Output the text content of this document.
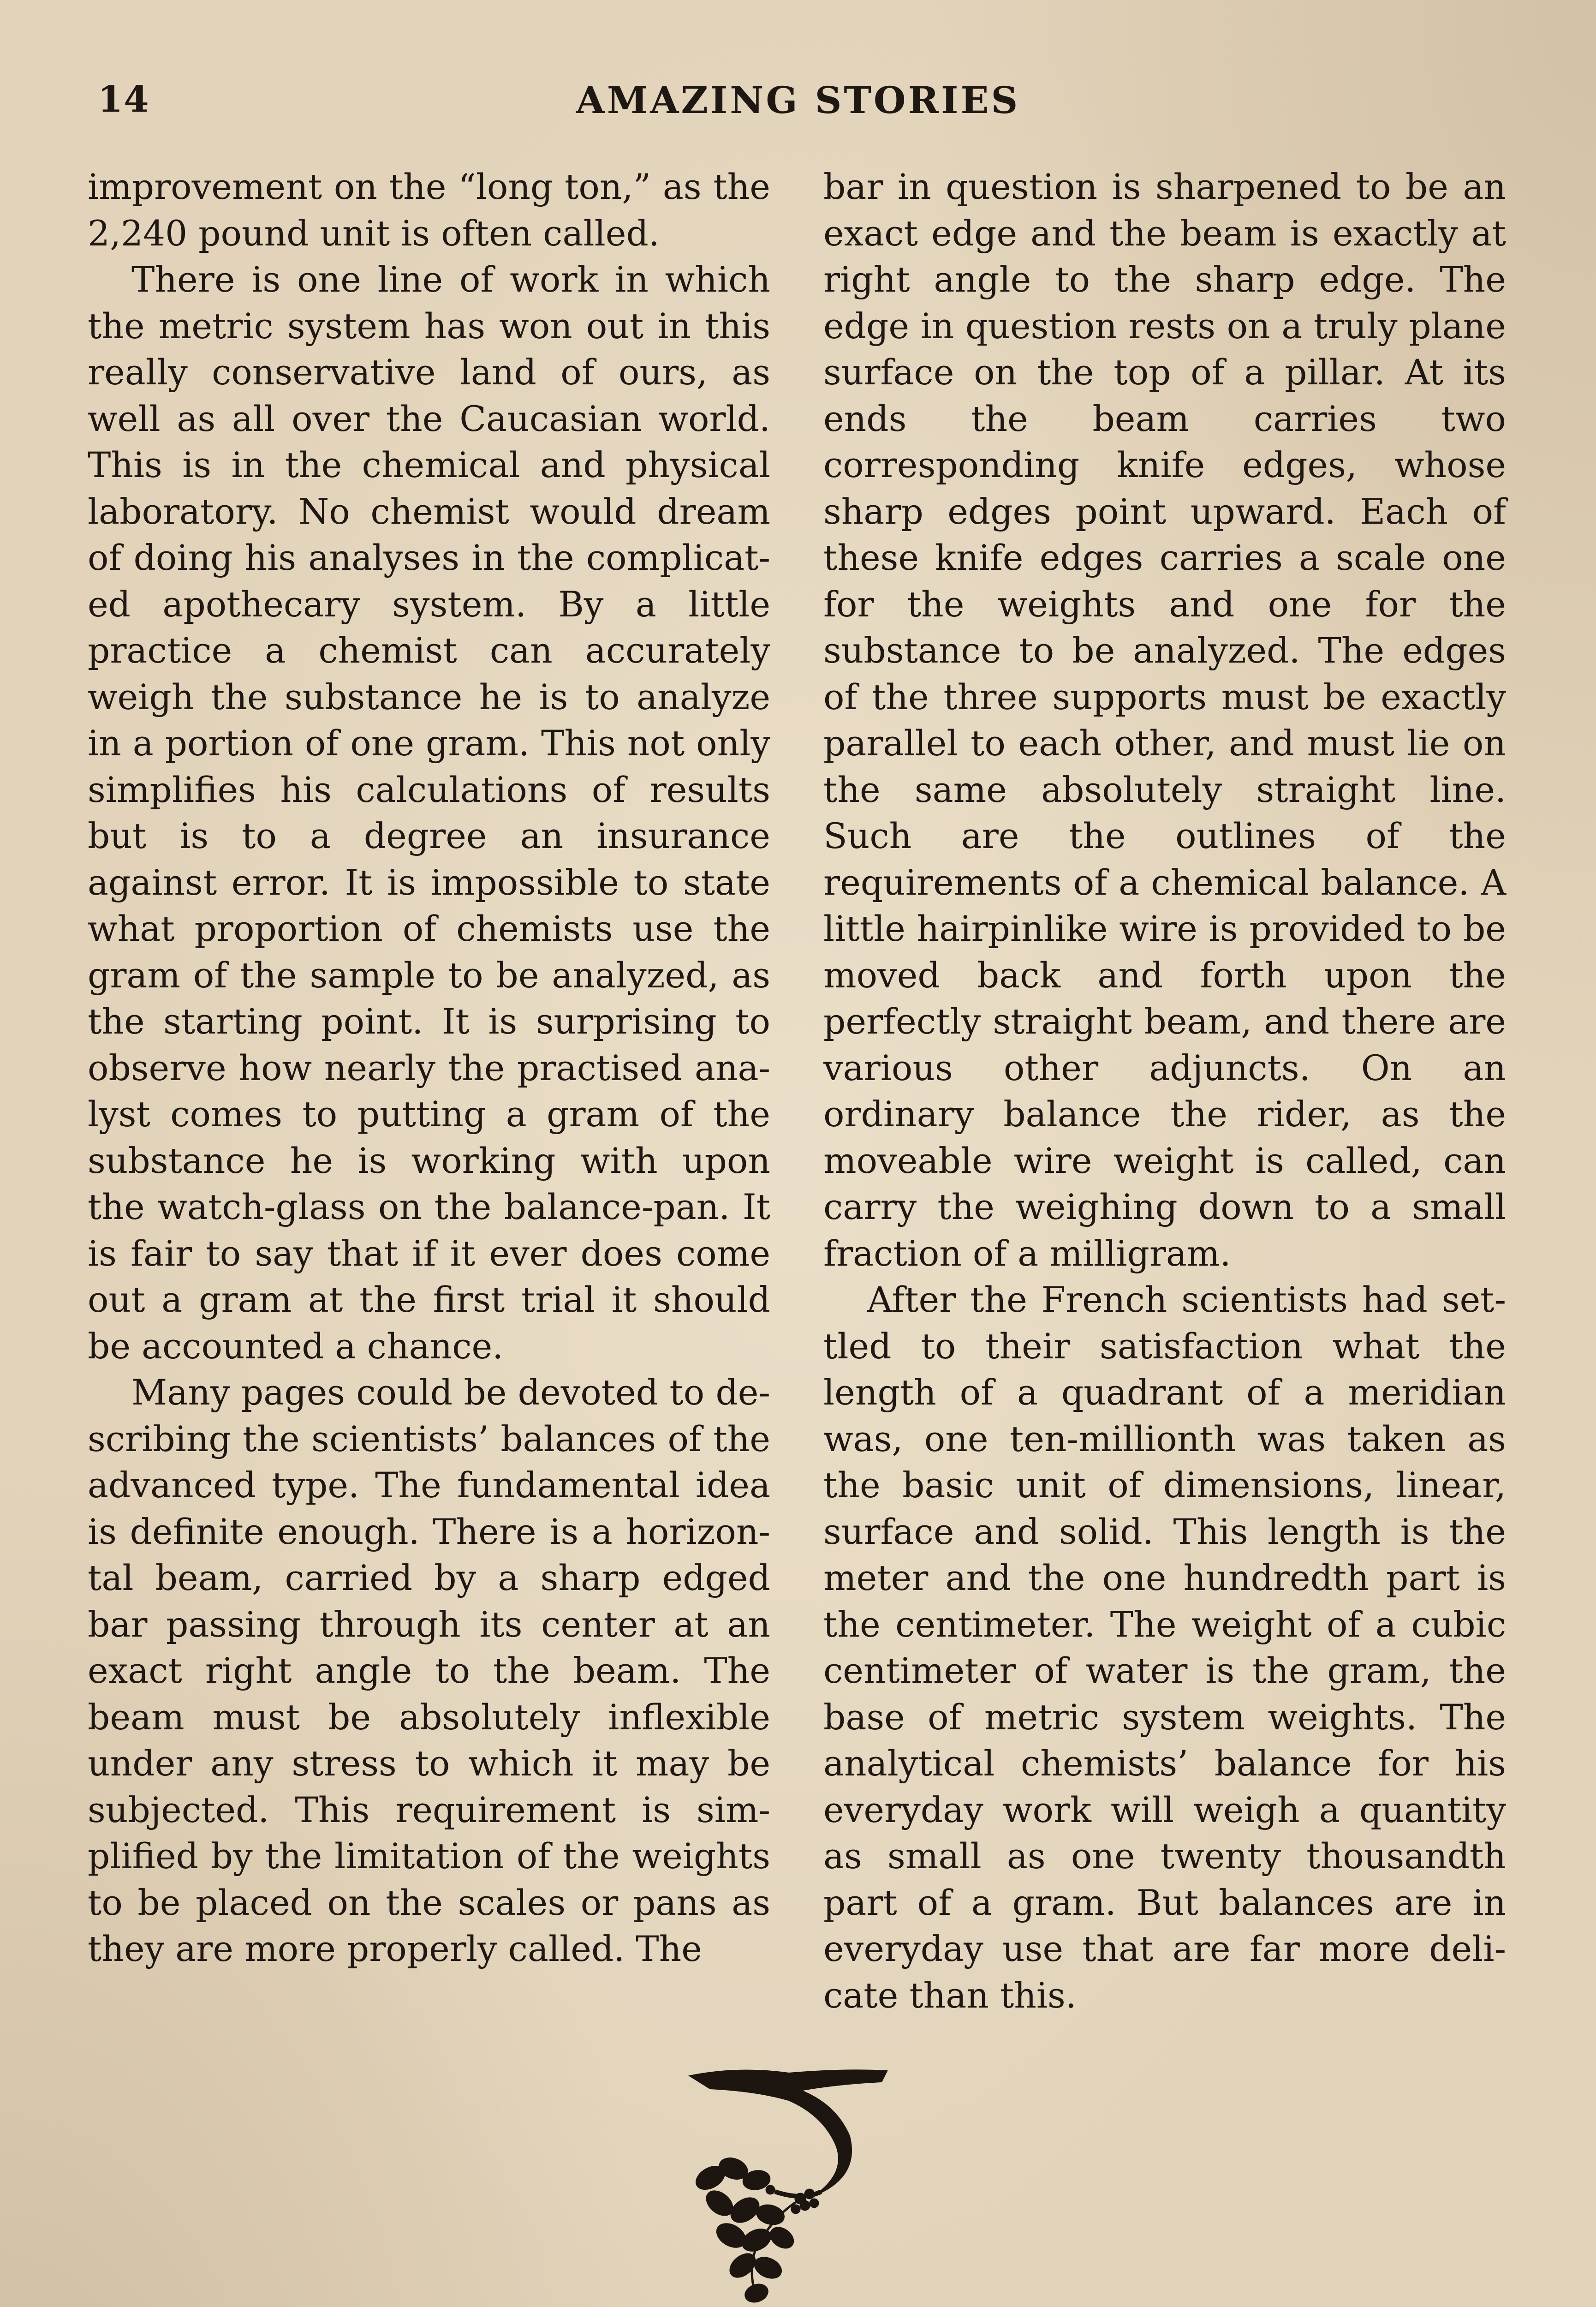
14	AMAZING STORIES

improvement on the “long ton,” as the 2,240 pound unit is often called.

There is one line of work in which the metric system has won out in this really conservative land of ours, as well as all over the Caucasian world. This is in the chemical and physical laboratory. No chemist would dream of doing his analyses in the complicated apothecary system. By a little practice a chemist can accurately weigh the substance he is to analyze in a portion of one gram. This not only simplifies his calculations of results but is to a degree an insurance against error. It is impossible to state what proportion of chemists use the gram of the sample to be analyzed, as the starting point. It is surprising to observe how nearly the practised analyst comes to putting a gram of the substance he is working with upon the watch-glass on the balance-pan. It is fair to say that if it ever does come out a gram at the first trial it should be accounted a chance.

Many pages could be devoted to describing the scientists’ balances of the advanced type. The fundamental idea is definite enough. There is a horizontal beam, carried by a sharp edged bar passing through its center at an exact right angle to the beam. The beam must be absolutely inflexible under any stress to which it may be subjected. This requirement is simplified by the limitation of the weights to be placed on the scales or pans as they are more properly called. The

bar in question is sharpened to be an exact edge and the beam is exactly at right angle to the sharp edge. The edge in question rests on a truly plane surface on the top of a pillar. At its ends the beam carries two corresponding knife edges, whose sharp edges point upward. Each of these knife edges carries a scale one for the weights and one for the substance to be analyzed. The edges of the three supports must be exactly parallel to each other, and must lie on the same absolutely straight line. Such are the outlines of the requirements of a chemical balance. A little hairpinlike wire is provided to be moved back and forth upon the perfectly straight beam, and there are various other adjuncts. On an ordinary balance the rider, as the moveable wire weight is called, can carry the weighing down to a small fraction of a milligram.

After the French scientists had settled to their satisfaction what the length of a quadrant of a meridian was, one ten-millionth was taken as the basic unit of dimensions, linear, surface and solid. This length is the meter and the one hundredth part is the centimeter. The weight of a cubic centimeter of water is the gram, the base of metric system weights. The analytical chemists’ balance for his everyday work will weigh a quantity as small as one twenty thousandth part of a gram. But balances are in everyday use that are far more delicate than this.
